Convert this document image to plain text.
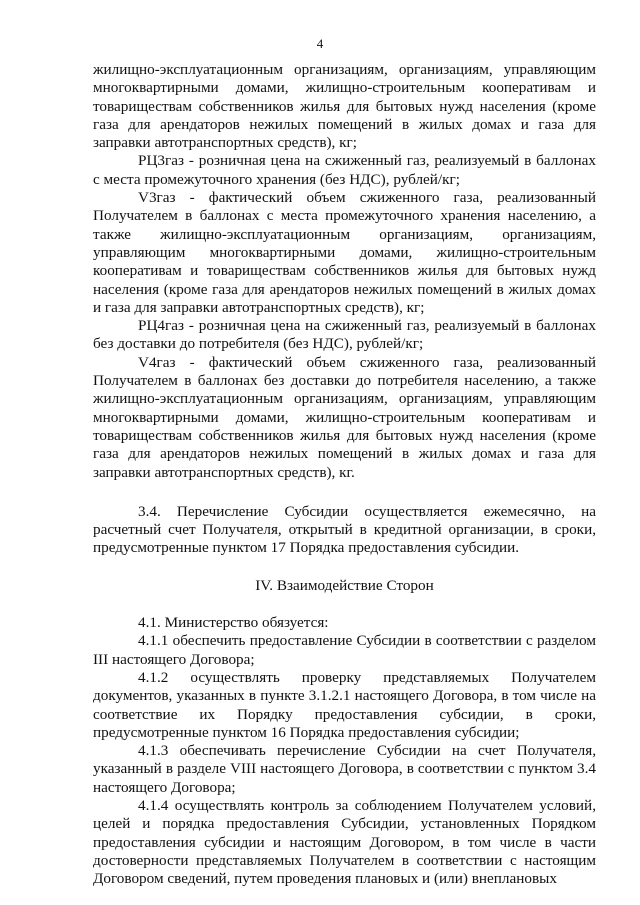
4

жилищно-эксплуатационным организациям, организациям, управляющим многоквартирными домами, жилищно-строительным кооперативам и товариществам собственников жилья для бытовых нужд населения (кроме газа для арендаторов нежилых помещений в жилых домах и газа для заправки автотранспортных средств), кг;

РЦ3газ - розничная цена на сжиженный газ, реализуемый в баллонах с места промежуточного хранения (без НДС), рублей/кг;

V3газ - фактический объем сжиженного газа, реализованный Получателем в баллонах с места промежуточного хранения населению, а также жилищно-эксплуатационным организациям, организациям, управляющим многоквартирными домами, жилищно-строительным кооперативам и товариществам собственников жилья для бытовых нужд населения (кроме газа для арендаторов нежилых помещений в жилых домах и газа для заправки автотранспортных средств), кг;

РЦ4газ - розничная цена на сжиженный газ, реализуемый в баллонах без доставки до потребителя (без НДС), рублей/кг;

V4газ - фактический объем сжиженного газа, реализованный Получателем в баллонах без доставки до потребителя населению, а также жилищно-эксплуатационным организациям, организациям, управляющим многоквартирными домами, жилищно-строительным кооперативам и товариществам собственников жилья для бытовых нужд населения (кроме газа для арендаторов нежилых помещений в жилых домах и газа для заправки автотранспортных средств), кг.

3.4. Перечисление Субсидии осуществляется ежемесячно, на расчетный счет Получателя, открытый в кредитной организации, в сроки, предусмотренные пунктом 17 Порядка предоставления субсидии.

IV. Взаимодействие Сторон

4.1. Министерство обязуется:

4.1.1 обеспечить предоставление Субсидии в соответствии с разделом III настоящего Договора;

4.1.2 осуществлять проверку представляемых Получателем документов, указанных в пункте 3.1.2.1 настоящего Договора, в том числе на соответствие их Порядку предоставления субсидии, в сроки, предусмотренные пунктом 16 Порядка предоставления субсидии;

4.1.3 обеспечивать перечисление Субсидии на счет Получателя, указанный в разделе VIII настоящего Договора, в соответствии с пунктом 3.4 настоящего Договора;

4.1.4 осуществлять контроль за соблюдением Получателем условий, целей и порядка предоставления Субсидии, установленных Порядком предоставления субсидии и настоящим Договором, в том числе в части достоверности представляемых Получателем в соответствии с настоящим Договором сведений, путем проведения плановых и (или) внеплановых
